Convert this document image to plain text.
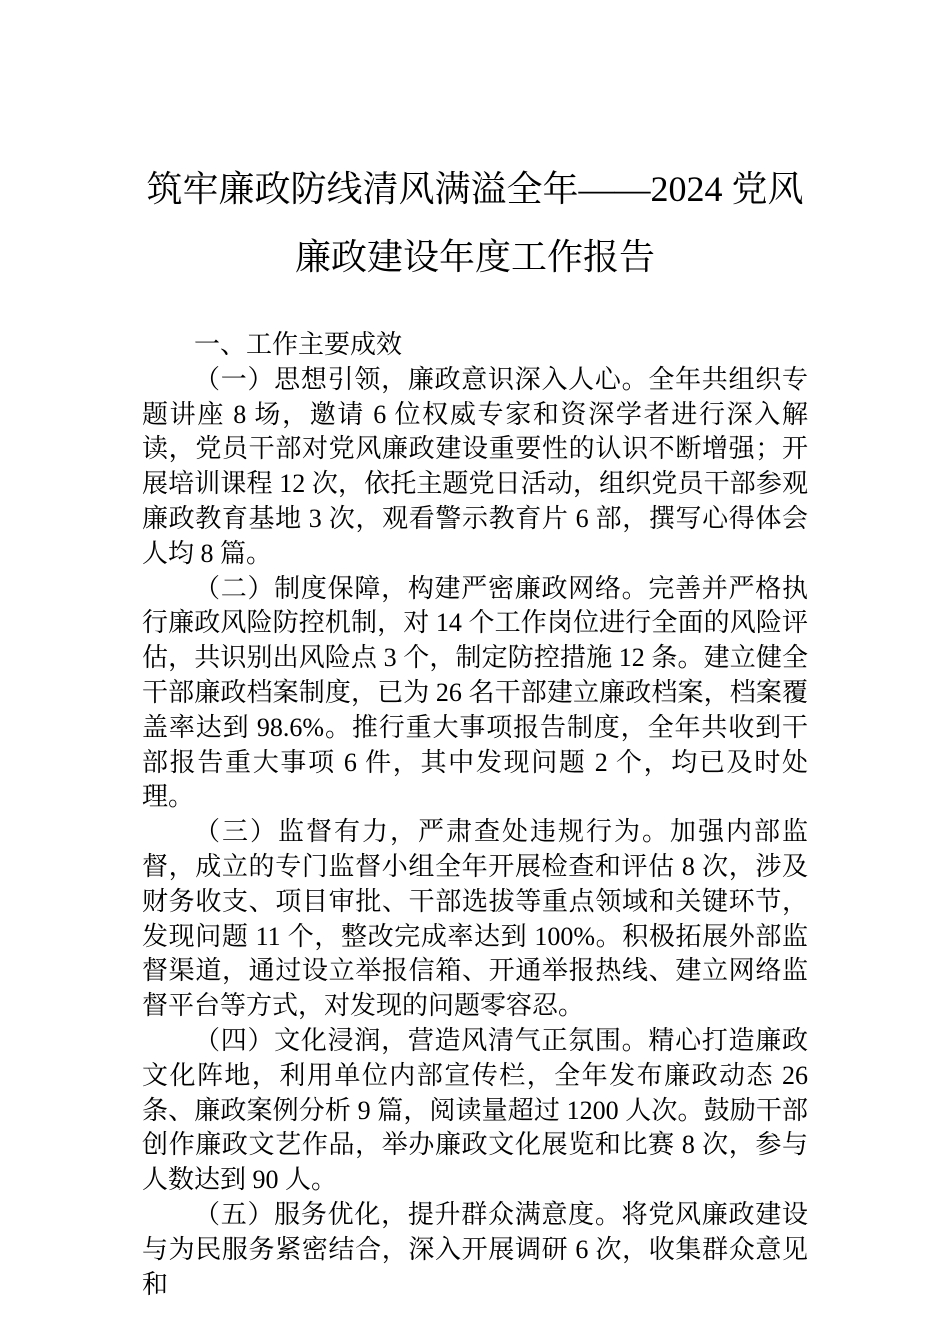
筑牢廉政防线清风满溢全年——2024 党风廉政建设年度工作报告
一、工作主要成效

（一）思想引领，廉政意识深入人心。全年共组织专题讲座 8 场，邀请 6 位权威专家和资深学者进行深入解读，党员干部对党风廉政建设重要性的认识不断增强；开展培训课程 12 次，依托主题党日活动，组织党员干部参观廉政教育基地 3 次，观看警示教育片 6 部，撰写心得体会人均 8 篇。

（二）制度保障，构建严密廉政网络。完善并严格执行廉政风险防控机制，对 14 个工作岗位进行全面的风险评估，共识别出风险点 3 个，制定防控措施 12 条。建立健全干部廉政档案制度，已为 26 名干部建立廉政档案，档案覆盖率达到 98.6%。推行重大事项报告制度，全年共收到干部报告重大事项 6 件，其中发现问题 2 个，均已及时处理。

（三）监督有力，严肃查处违规行为。加强内部监督，成立的专门监督小组全年开展检查和评估 8 次，涉及财务收支、项目审批、干部选拔等重点领域和关键环节，发现问题 11 个，整改完成率达到 100%。积极拓展外部监督渠道，通过设立举报信箱、开通举报热线、建立网络监督平台等方式，对发现的问题零容忍。

（四）文化浸润，营造风清气正氛围。精心打造廉政文化阵地，利用单位内部宣传栏，全年发布廉政动态 26 条、廉政案例分析 9 篇，阅读量超过 1200 人次。鼓励干部创作廉政文艺作品，举办廉政文化展览和比赛 8 次，参与人数达到 90 人。

（五）服务优化，提升群众满意度。将党风廉政建设与为民服务紧密结合，深入开展调研 6 次，收集群众意见和
